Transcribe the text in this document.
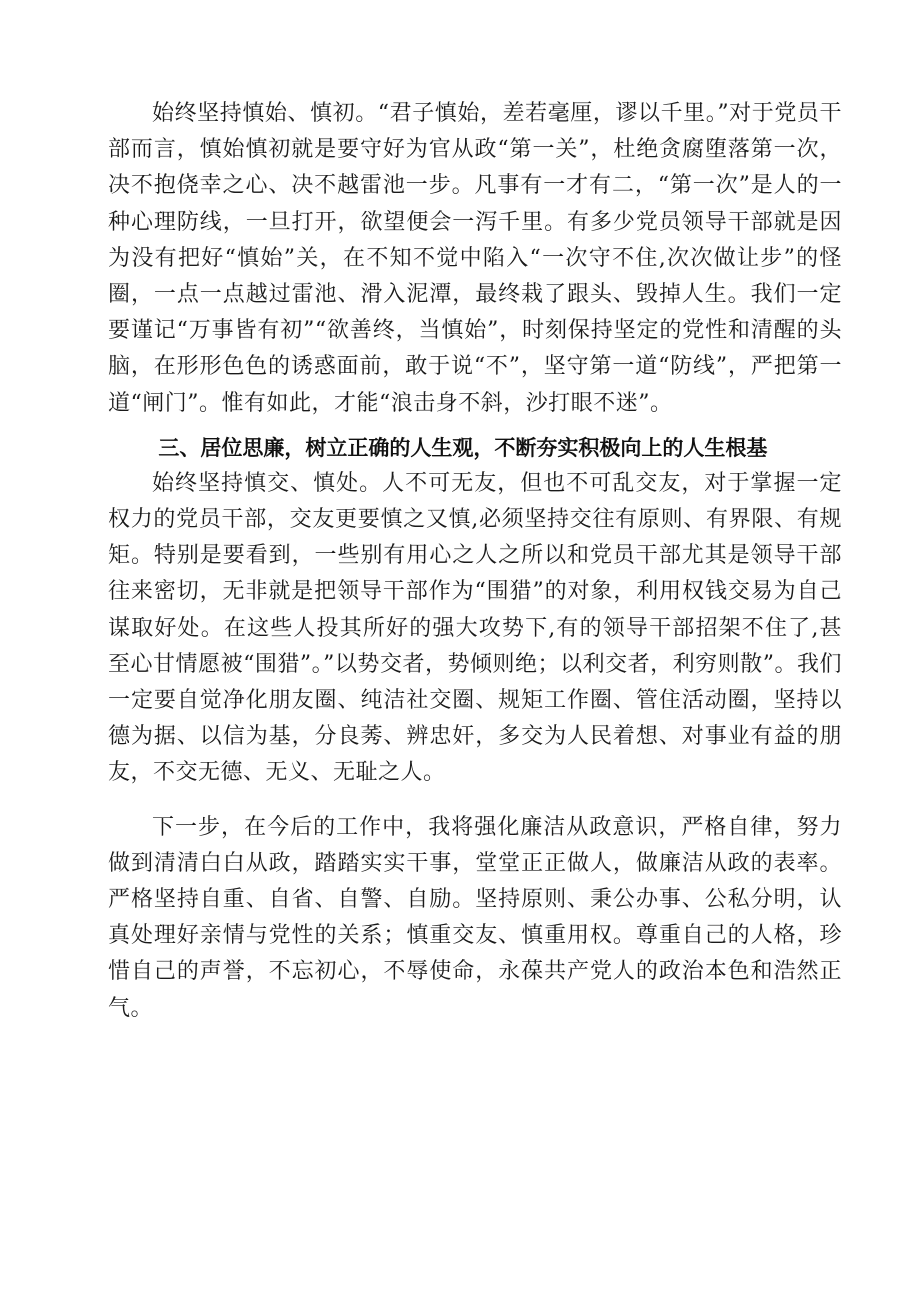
始终坚持慎始、慎初。“君子慎始，差若毫厘，谬以千里。”对于党员干部而言，慎始慎初就是要守好为官从政“第一关”，杜绝贪腐堕落第一次，决不抱侥幸之心、决不越雷池一步。凡事有一才有二，“第一次”是人的一种心理防线，一旦打开，欲望便会一泻千里。有多少党员领导干部就是因为没有把好“慎始”关，在不知不觉中陷入“一次守不住,次次做让步”的怪圈，一点一点越过雷池、滑入泥潭，最终栽了跟头、毁掉人生。我们一定要谨记“万事皆有初”“欲善终，当慎始”，时刻保持坚定的党性和清醒的头脑，在形形色色的诱惑面前，敢于说“不”，坚守第一道“防线”，严把第一道“闸门”。惟有如此，才能“浪击身不斜，沙打眼不迷”。

三、居位思廉，树立正确的人生观，不断夯实积极向上的人生根基

始终坚持慎交、慎处。人不可无友，但也不可乱交友，对于掌握一定权力的党员干部，交友更要慎之又慎,必须坚持交往有原则、有界限、有规矩。特别是要看到，一些别有用心之人之所以和党员干部尤其是领导干部往来密切，无非就是把领导干部作为“围猎”的对象，利用权钱交易为自己谋取好处。在这些人投其所好的强大攻势下,有的领导干部招架不住了,甚至心甘情愿被“围猎”。”以势交者，势倾则绝；以利交者，利穷则散”。我们一定要自觉净化朋友圈、纯洁社交圈、规矩工作圈、管住活动圈，坚持以德为据、以信为基，分良莠、辨忠奸，多交为人民着想、对事业有益的朋友，不交无德、无义、无耻之人。

下一步，在今后的工作中，我将强化廉洁从政意识，严格自律，努力做到清清白白从政，踏踏实实干事，堂堂正正做人，做廉洁从政的表率。严格坚持自重、自省、自警、自励。坚持原则、秉公办事、公私分明，认真处理好亲情与党性的关系；慎重交友、慎重用权。尊重自己的人格，珍惜自己的声誉，不忘初心，不辱使命，永葆共产党人的政治本色和浩然正气。
